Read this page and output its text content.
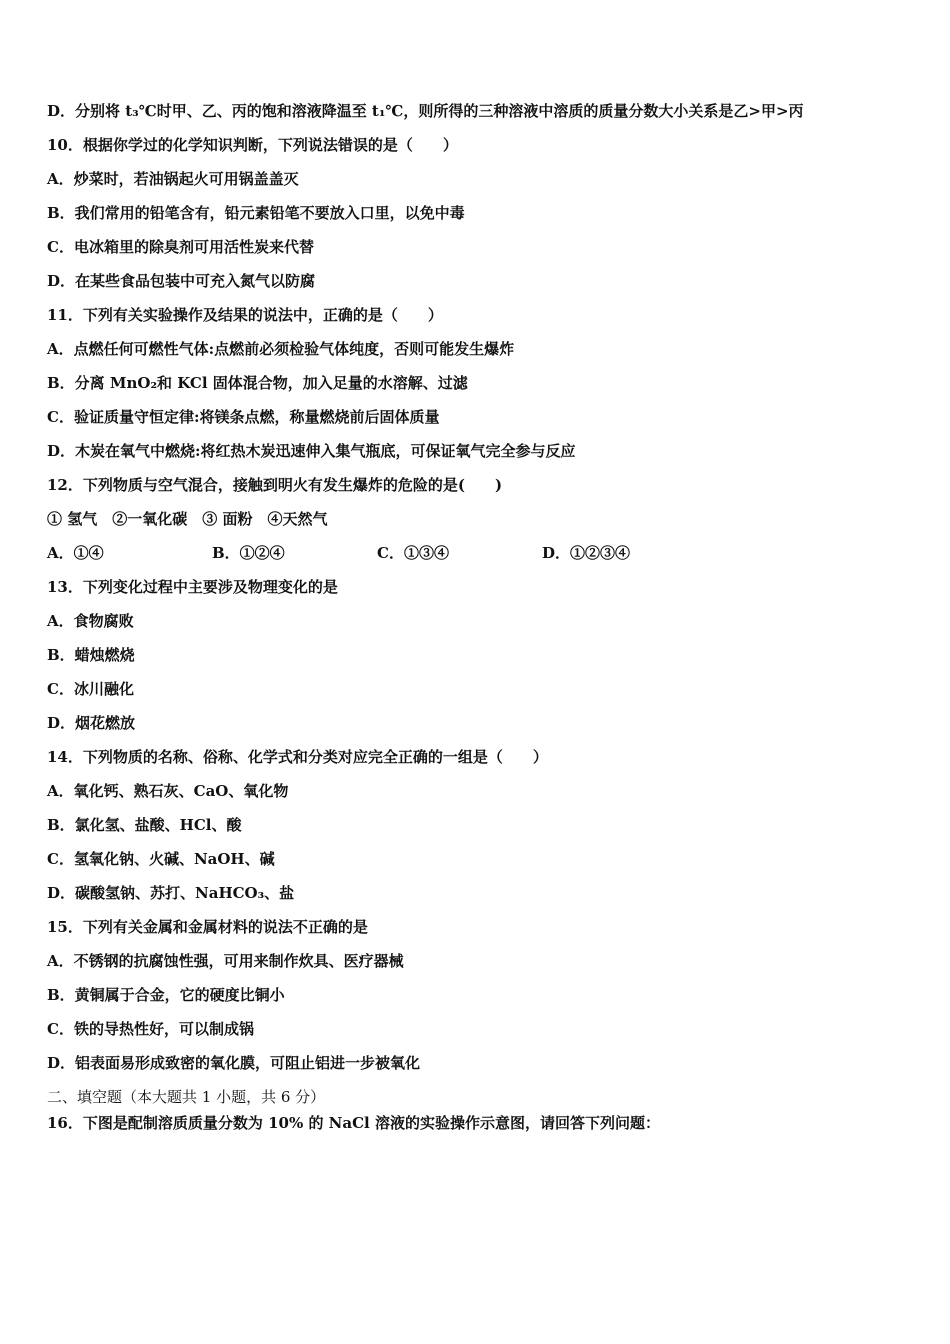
D．分别将 t₃℃时甲、乙、丙的饱和溶液降温至 t₁℃，则所得的三种溶液中溶质的质量分数大小关系是乙>甲>丙
10．根据你学过的化学知识判断，下列说法错误的是（　　）
A．炒菜时，若油锅起火可用锅盖盖灭
B．我们常用的铅笔含有，铅元素铅笔不要放入口里，以免中毒
C．电冰箱里的除臭剂可用活性炭来代替
D．在某些食品包装中可充入氮气以防腐
11．下列有关实验操作及结果的说法中，正确的是（　　）
A．点燃任何可燃性气体:点燃前必须检验气体纯度，否则可能发生爆炸
B．分离 MnO₂和 KCl 固体混合物，加入足量的水溶解、过滤
C．验证质量守恒定律:将镁条点燃，称量燃烧前后固体质量
D．木炭在氧气中燃烧:将红热木炭迅速伸入集气瓶底，可保证氧气完全参与反应
12．下列物质与空气混合，接触到明火有发生爆炸的危险的是(　　)
① 氢气　②一氧化碳　③ 面粉　④天然气
A．①④	B．①②④	C．①③④	D．①②③④
13．下列变化过程中主要涉及物理变化的是
A．食物腐败
B．蜡烛燃烧
C．冰川融化
D．烟花燃放
14．下列物质的名称、俗称、化学式和分类对应完全正确的一组是（　　）
A．氧化钙、熟石灰、CaO、氧化物
B．氯化氢、盐酸、HCl、酸
C．氢氧化钠、火碱、NaOH、碱
D．碳酸氢钠、苏打、NaHCO₃、盐
15．下列有关金属和金属材料的说法不正确的是
A．不锈钢的抗腐蚀性强，可用来制作炊具、医疗器械
B．黄铜属于合金，它的硬度比铜小
C．铁的导热性好，可以制成锅
D．铝表面易形成致密的氧化膜，可阻止铝进一步被氧化
二、填空题（本大题共 1 小题，共 6 分）
16．下图是配制溶质质量分数为 10% 的 NaCl 溶液的实验操作示意图，请回答下列问题：
